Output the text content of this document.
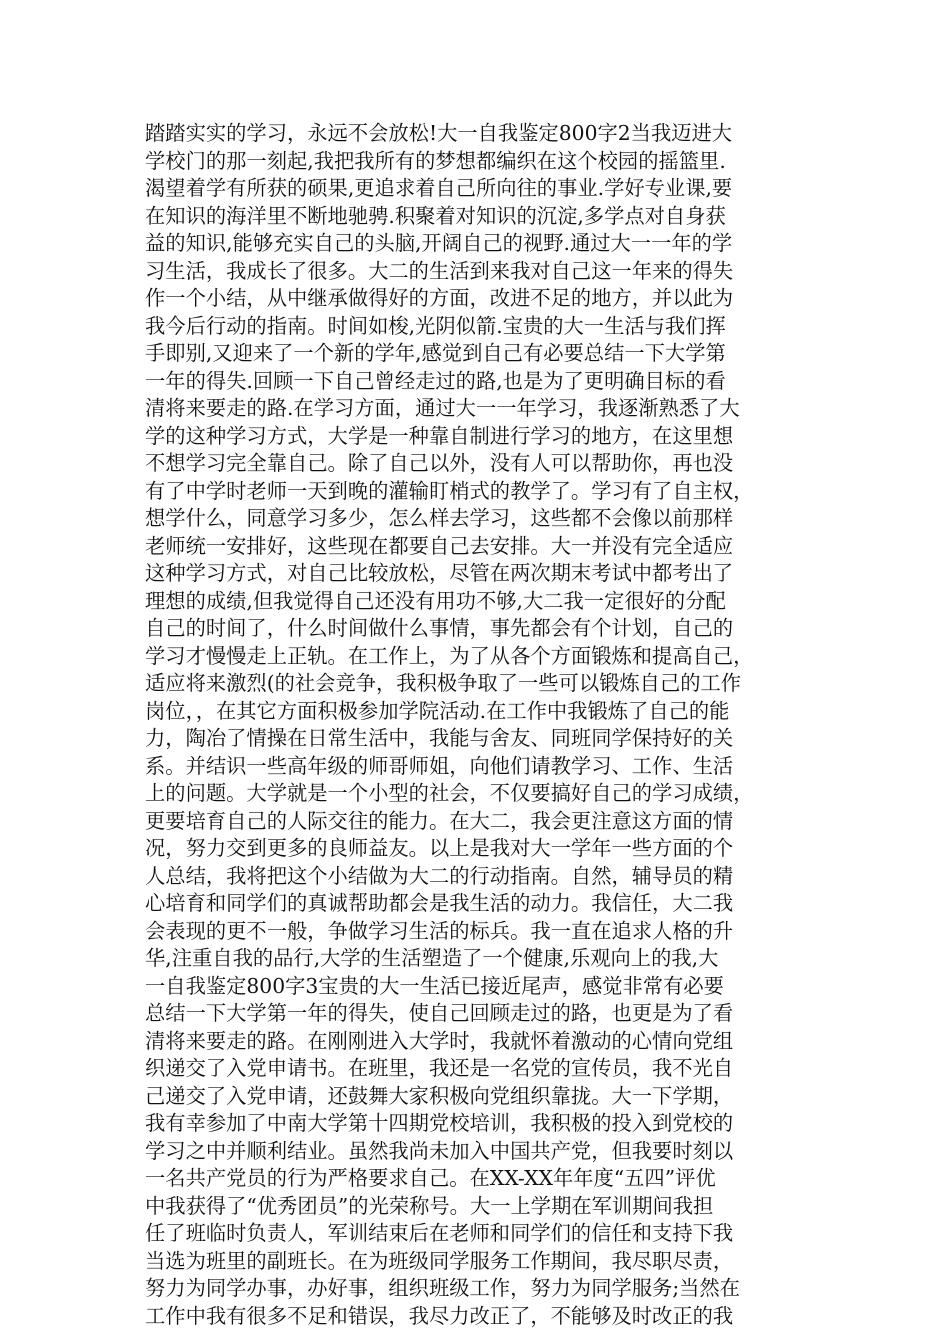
踏踏实实的学习，永远不会放松!大一自我鉴定800字2当我迈进大
学校门的那一刻起,我把我所有的梦想都编织在这个校园的摇篮里.
渴望着学有所获的硕果,更追求着自己所向往的事业.学好专业课,要
在知识的海洋里不断地驰骋.积聚着对知识的沉淀,多学点对自身获
益的知识,能够充实自己的头脑,开阔自己的视野.通过大一一年的学
习生活，我成长了很多。大二的生活到来我对自己这一年来的得失
作一个小结，从中继承做得好的方面，改进不足的地方，并以此为
我今后行动的指南。时间如梭,光阴似箭.宝贵的大一生活与我们挥
手即别,又迎来了一个新的学年,感觉到自己有必要总结一下大学第
一年的得失.回顾一下自己曾经走过的路,也是为了更明确目标的看
清将来要走的路.在学习方面，通过大一一年学习，我逐渐熟悉了大
学的这种学习方式，大学是一种靠自制进行学习的地方，在这里想
不想学习完全靠自己。除了自己以外，没有人可以帮助你，再也没
有了中学时老师一天到晚的灌输盯梢式的教学了。学习有了自主权，
想学什么，同意学习多少，怎么样去学习，这些都不会像以前那样
老师统一安排好，这些现在都要自己去安排。大一并没有完全适应
这种学习方式，对自己比较放松，尽管在两次期末考试中都考出了
理想的成绩,但我觉得自己还没有用功不够,大二我一定很好的分配
自己的时间了，什么时间做什么事情，事先都会有个计划，自己的
学习才慢慢走上正轨。在工作上，为了从各个方面锻炼和提高自己，
适应将来激烈(的社会竞争，我积极争取了一些可以锻炼自己的工作
岗位，，在其它方面积极参加学院活动.在工作中我锻炼了自己的能
力，陶冶了情操在日常生活中，我能与舍友、同班同学保持好的关
系。并结识一些高年级的师哥师姐，向他们请教学习、工作、生活
上的问题。大学就是一个小型的社会，不仅要搞好自己的学习成绩，
更要培育自己的人际交往的能力。在大二，我会更注意这方面的情
况，努力交到更多的良师益友。以上是我对大一学年一些方面的个
人总结，我将把这个小结做为大二的行动指南。自然，辅导员的精
心培育和同学们的真诚帮助都会是我生活的动力。我信任，大二我
会表现的更不一般，争做学习生活的标兵。我一直在追求人格的升
华,注重自我的品行,大学的生活塑造了一个健康,乐观向上的我,大
一自我鉴定800字3宝贵的大一生活已接近尾声，感觉非常有必要
总结一下大学第一年的得失，使自己回顾走过的路，也更是为了看
清将来要走的路。在刚刚进入大学时，我就怀着激动的心情向党组
织递交了入党申请书。在班里，我还是一名党的宣传员，我不光自
己递交了入党申请，还鼓舞大家积极向党组织靠拢。大一下学期，
我有幸参加了中南大学第十四期党校培训，我积极的投入到党校的
学习之中并顺利结业。虽然我尚未加入中国共产党，但我要时刻以
一名共产党员的行为严格要求自己。在XX-XX年年度“五四”评优
中我获得了“优秀团员”的光荣称号。大一上学期在军训期间我担
任了班临时负责人，军训结束后在老师和同学们的信任和支持下我
当选为班里的副班长。在为班级同学服务工作期间，我尽职尽责，
努力为同学办事，办好事，组织班级工作，努力为同学服务;当然在
工作中我有很多不足和错误，我尽力改正了，不能够及时改正的我
